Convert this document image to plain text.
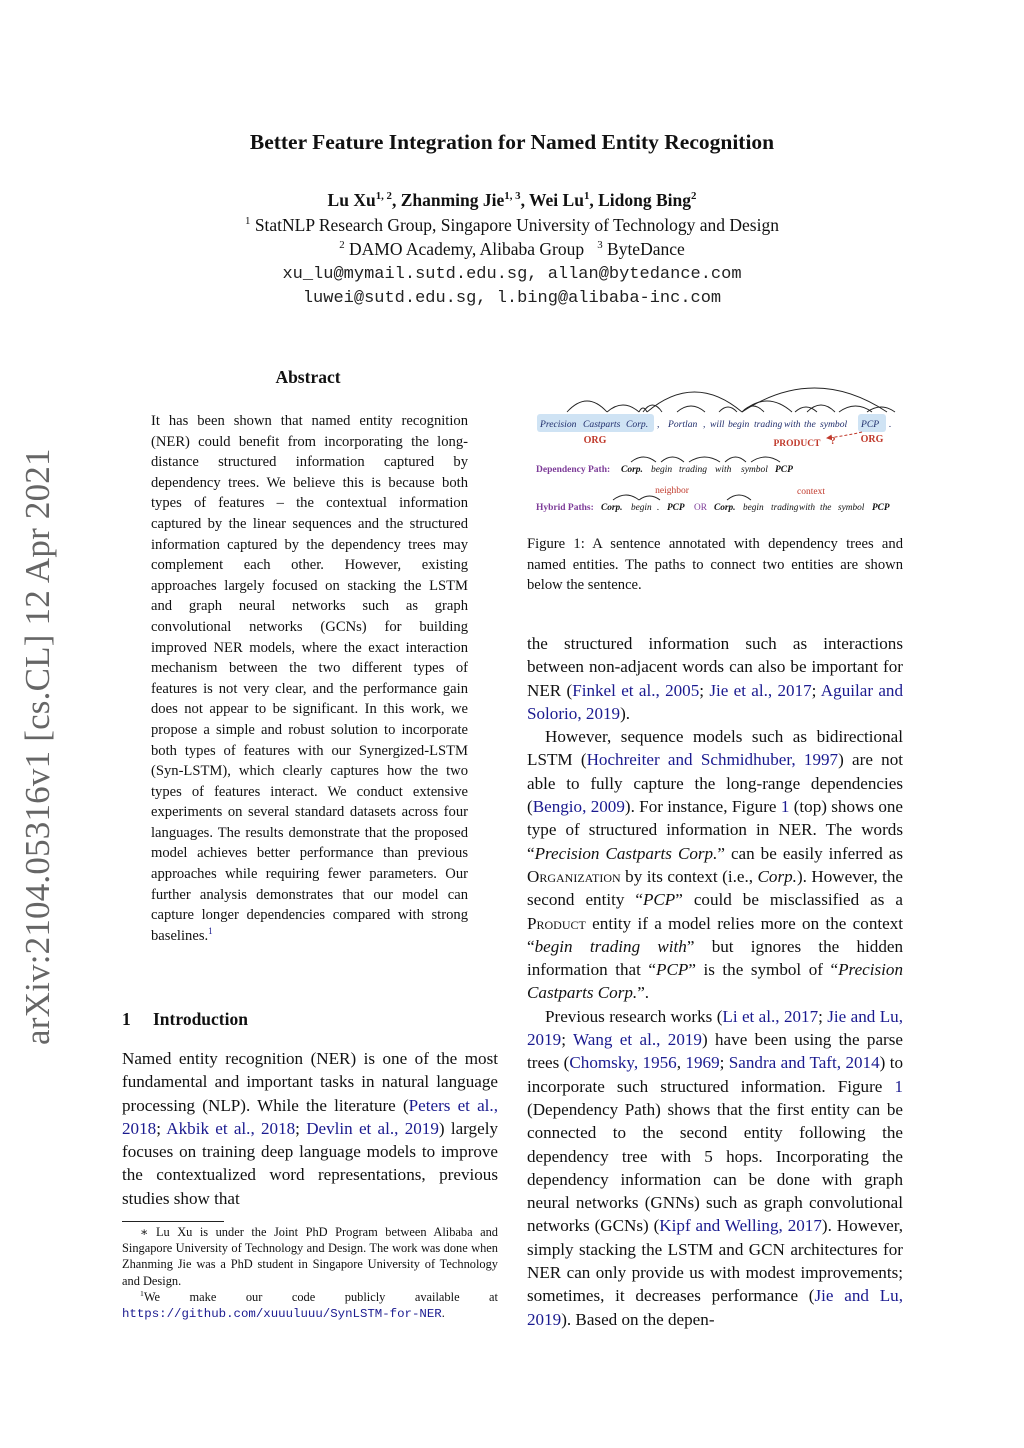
arXiv:2104.05316v1 [cs.CL] 12 Apr 2021
Better Feature Integration for Named Entity Recognition
Lu Xu$^{1, 2}$, Zhanming Jie$^{1, 3}$, Wei Lu$^1$, Lidong Bing$^2$
$^1$ StatNLP Research Group, Singapore University of Technology and Design
$^2$ DAMO Academy, Alibaba Group $^3$ ByteDance
xu_lu@mymail.sutd.edu.sg, allan@bytedance.com
luwei@sutd.edu.sg, l.bing@alibaba-inc.com
Abstract
It has been shown that named entity recognition (NER) could benefit from incorporating the long-distance structured information captured by dependency trees. We believe this is because both types of features – the contextual information captured by the linear sequences and the structured information captured by the dependency trees may complement each other. However, existing approaches largely focused on stacking the LSTM and graph neural networks such as graph convolutional networks (GCNs) for building improved NER models, where the exact interaction mechanism between the two different types of features is not very clear, and the performance gain does not appear to be significant. In this work, we propose a simple and robust solution to incorporate both types of features with our Synergized-LSTM (Syn-LSTM), which clearly captures how the two types of features interact. We conduct extensive experiments on several standard datasets across four languages. The results demonstrate that the proposed model achieves better performance than previous approaches while requiring fewer parameters. Our further analysis demonstrates that our model can capture longer dependencies compared with strong baselines.$^1$
1 Introduction
Named entity recognition (NER) is one of the most fundamental and important tasks in natural language processing (NLP). While the literature (Peters et al., 2018; Akbik et al., 2018; Devlin et al., 2019) largely focuses on training deep language models to improve the contextualized word representations, previous studies show that

∗ Lu Xu is under the Joint PhD Program between Alibaba and Singapore University of Technology and Design. The work was done when Zhanming Jie was a PhD student in Singapore University of Technology and Design.

$^1$We make our code publicly available at https://github.com/xuuuluuu/SynLSTM-for-NER.

Precision Castparts Corp. , Portlan , will begin trading with the symbol PCP .
ORG	PRODUCT ?	ORG
Dependency Path: Corp. begin trading with symbol PCP
neighbor	context
Hybrid Paths: Corp. begin . PCP OR Corp. begin trading with the symbol PCP
Figure 1: A sentence annotated with dependency trees and named entities. The paths to connect two entities are shown below the sentence.

the structured information such as interactions between non-adjacent words can also be important for NER (Finkel et al., 2005; Jie et al., 2017; Aguilar and Solorio, 2019).

However, sequence models such as bidirectional LSTM (Hochreiter and Schmidhuber, 1997) are not able to fully capture the long-range dependencies (Bengio, 2009). For instance, Figure 1 (top) shows one type of structured information in NER. The words “Precision Castparts Corp.” can be easily inferred as Organization by its context (i.e., Corp.). However, the second entity “PCP” could be misclassified as a Product entity if a model relies more on the context “begin trading with” but ignores the hidden information that “PCP” is the symbol of “Precision Castparts Corp.”.

Previous research works (Li et al., 2017; Jie and Lu, 2019; Wang et al., 2019) have been using the parse trees (Chomsky, 1956, 1969; Sandra and Taft, 2014) to incorporate such structured information. Figure 1 (Dependency Path) shows that the first entity can be connected to the second entity following the dependency tree with 5 hops. Incorporating the dependency information can be done with graph neural networks (GNNs) such as graph convolutional networks (GCNs) (Kipf and Welling, 2017). However, simply stacking the LSTM and GCN architectures for NER can only provide us with modest improvements; sometimes, it decreases performance (Jie and Lu, 2019). Based on the depen-
